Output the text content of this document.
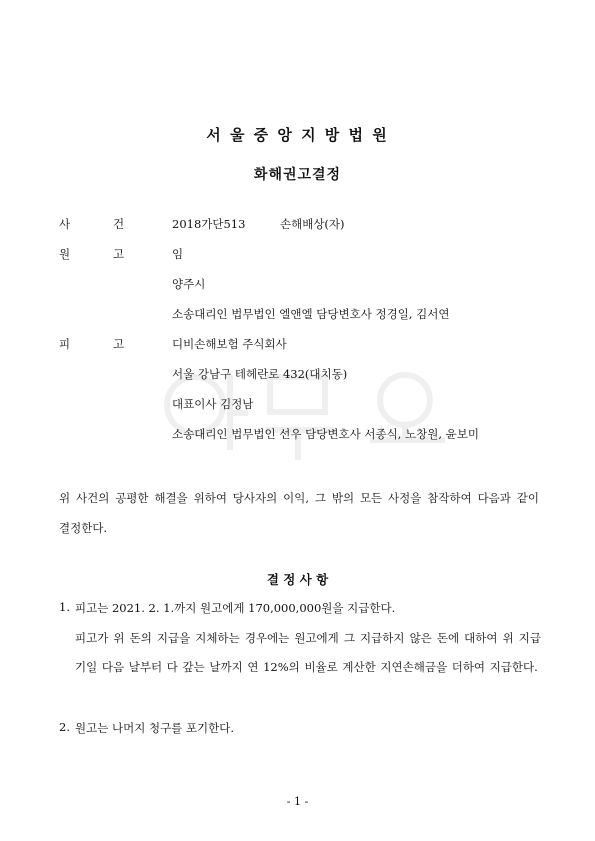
서 울 중 앙 지 방 법 원
화해권고결정
사	건	2018가단513	손해배상(자)
원	고	임
양주시
소송대리인 법무법인 엘앤엘 담당변호사 정경일, 김서연
피	고	디비손해보험 주식회사
서울 강남구 테헤란로 432(대치동)
대표이사 김정남
소송대리인 법무법인 선우 담당변호사 서종식, 노창원, 윤보미
위 사건의 공평한 해결을 위하여 당사자의 이익, 그 밖의 모든 사정을 참작하여 다음과 같이 결정한다.
결 정 사 항
1. 피고는 2021. 2. 1.까지 원고에게 170,000,000원을 지급한다.
피고가 위 돈의 지급을 지체하는 경우에는 원고에게 그 지급하지 않은 돈에 대하여 위 지급기일 다음 날부터 다 갚는 날까지 연 12%의 비율로 계산한 지연손해금을 더하여 지급한다.
2. 원고는 나머지 청구를 포기한다.
- 1 -
